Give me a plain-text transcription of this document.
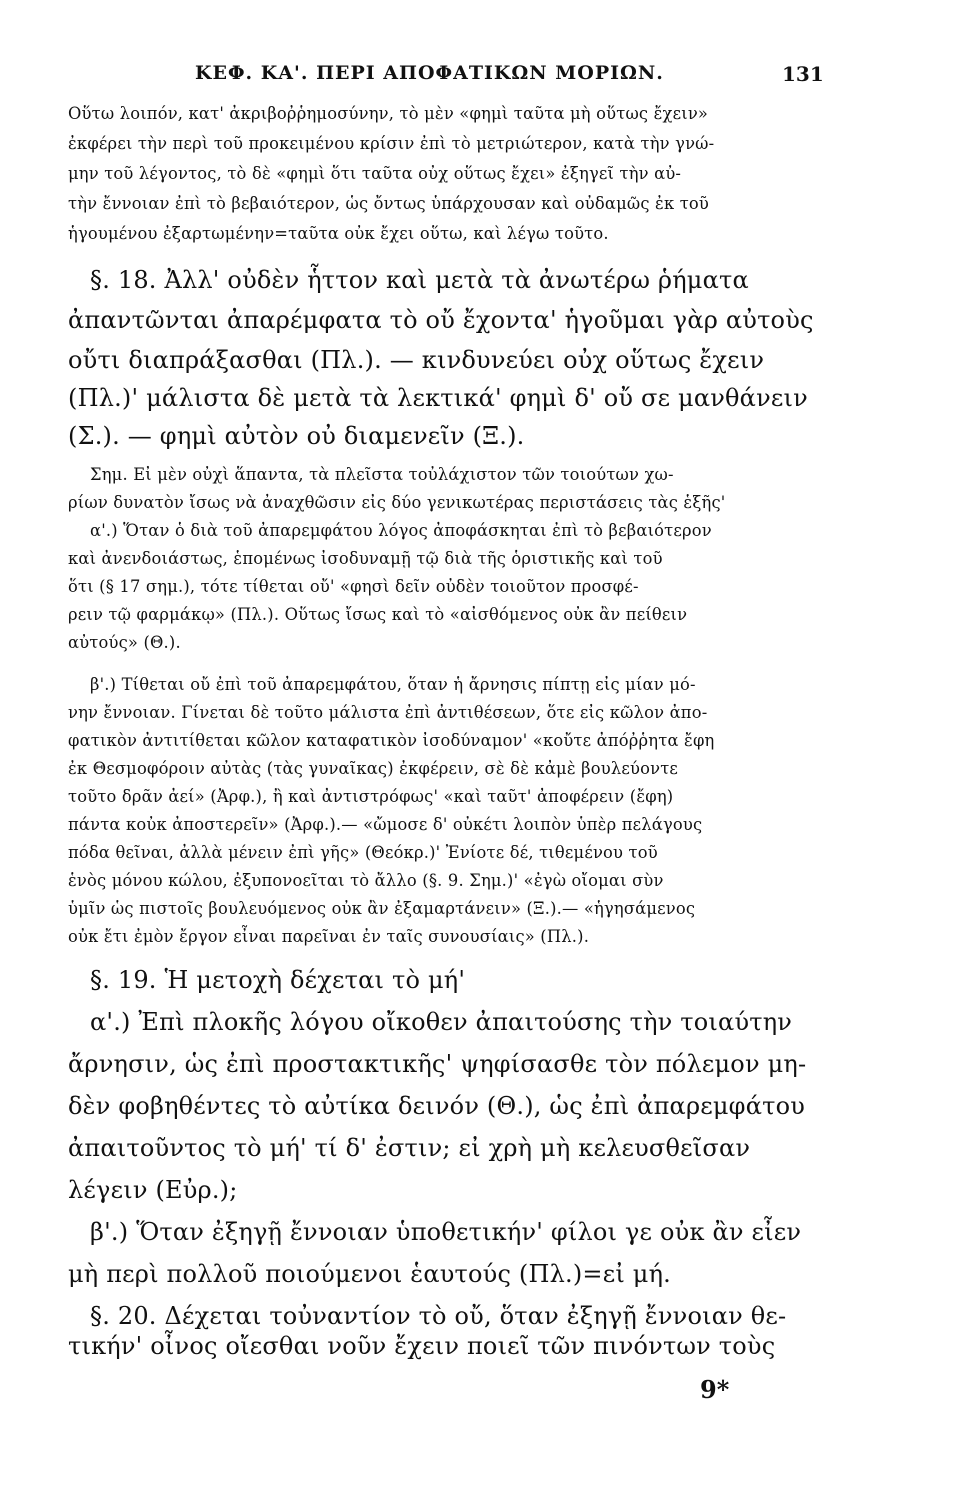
ΚΕΦ. ΚΑ'. ΠΕΡΙ ΑΠΟΦΑΤΙΚΩΝ ΜΟΡΙΩΝ.	131
Οὕτω λοιπόν, κατ' ἀκριβοῤῥημοσύνην, τὸ μὲν «φημὶ ταῦτα μὴ οὕτως ἔχειν»
ἐκφέρει τὴν περὶ τοῦ προκειμένου κρίσιν ἐπὶ τὸ μετριώτερον, κατὰ τὴν γνώ-
μην τοῦ λέγοντος, τὸ δὲ «φημὶ ὅτι ταῦτα οὐχ οὕτως ἔχει» ἐξηγεῖ τὴν αὐ-
τὴν ἔννοιαν ἐπὶ τὸ βεβαιότερον, ὡς ὄντως ὑπάρχουσαν καὶ οὐδαμῶς ἐκ τοῦ
ἡγουμένου ἐξαρτωμένην=ταῦτα οὐκ ἔχει οὕτω, καὶ λέγω τοῦτο.
§. 18. Ἀλλ' οὐδὲν ἧττον καὶ μετὰ τὰ ἀνωτέρω ῥήματα
ἀπαντῶνται ἀπαρέμφατα τὸ οὔ ἔχοντα' ἡγοῦμαι γὰρ αὐτοὺς
οὔτι διαπράξασθαι (Πλ.). — κινδυνεύει οὐχ οὕτως ἔχειν
(Πλ.)' μάλιστα δὲ μετὰ τὰ λεκτικά' φημὶ δ' οὔ σε μανθάνειν
(Σ.). — φημὶ αὐτὸν οὐ διαμενεῖν (Ξ.).
Σημ. Εἰ μὲν οὐχὶ ἅπαντα, τὰ πλεῖστα τοὐλάχιστον τῶν τοιούτων χω-
ρίων δυνατὸν ἴσως νὰ ἀναχθῶσιν εἰς δύο γενικωτέρας περιστάσεις τὰς ἑξῆς'
α'.) Ὅταν ὁ διὰ τοῦ ἀπαρεμφάτου λόγος ἀποφάσκηται ἐπὶ τὸ βεβαιότερον
καὶ ἀνενδοιάστως, ἑπομένως ἰσοδυναμῇ τῷ διὰ τῆς ὁριστικῆς καὶ τοῦ
ὅτι (§ 17 σημ.), τότε τίθεται οὔ' «φησὶ δεῖν οὐδὲν τοιοῦτον προσφέ-
ρειν τῷ φαρμάκῳ» (Πλ.). Οὕτως ἴσως καὶ τὸ «αἰσθόμενος οὐκ ἂν πείθειν
αὐτούς» (Θ.).
β'.) Τίθεται οὔ ἐπὶ τοῦ ἀπαρεμφάτου, ὅταν ἡ ἄρνησις πίπτῃ εἰς μίαν μό-
νην ἔννοιαν. Γίνεται δὲ τοῦτο μάλιστα ἐπὶ ἀντιθέσεων, ὅτε εἰς κῶλον ἀπο-
φατικὸν ἀντιτίθεται κῶλον καταφατικὸν ἰσοδύναμον' «κοὔτε ἀπόῤῥητα ἔφη
ἐκ Θεσμοφόροιν αὐτὰς (τὰς γυναῖκας) ἐκφέρειν, σὲ δὲ κἀμὲ βουλεύοντε
τοῦτο δρᾶν ἀεί» (Ἀρφ.), ἢ καὶ ἀντιστρόφως' «καὶ ταῦτ' ἀποφέρειν (ἔφη)
πάντα κοὐκ ἀποστερεῖν» (Ἀρφ.).— «ὤμοσε δ' οὐκέτι λοιπὸν ὑπὲρ πελάγους
πόδα θεῖναι, ἀλλὰ μένειν ἐπὶ γῆς» (Θεόκρ.)' Ἐνίοτε δέ, τιθεμένου τοῦ
ἑνὸς μόνου κώλου, ἐξυπονοεῖται τὸ ἄλλο (§. 9. Σημ.)' «ἐγὼ οἴομαι σὺν
ὑμῖν ὡς πιστοῖς βουλευόμενος οὐκ ἂν ἐξαμαρτάνειν» (Ξ.).— «ἡγησάμενος
οὐκ ἔτι ἐμὸν ἔργον εἶναι παρεῖναι ἐν ταῖς συνουσίαις» (Πλ.).
§. 19. Ἡ μετοχὴ δέχεται τὸ μή'
α'.) Ἐπὶ πλοκῆς λόγου οἴκοθεν ἀπαιτούσης τὴν τοιαύτην
ἄρνησιν, ὡς ἐπὶ προστακτικῆς' ψηφίσασθε τὸν πόλεμον μη-
δὲν φοβηθέντες τὸ αὐτίκα δεινόν (Θ.), ὡς ἐπὶ ἀπαρεμφάτου
ἀπαιτοῦντος τὸ μή' τί δ' ἐστιν; εἰ χρὴ μὴ κελευσθεῖσαν
λέγειν (Εὐρ.);
β'.) Ὅταν ἐξηγῇ ἔννοιαν ὑποθετικήν' φίλοι γε οὐκ ἂν εἶεν
μὴ περὶ πολλοῦ ποιούμενοι ἑαυτούς (Πλ.)=εἰ μή.
§. 20. Δέχεται τοὐναντίον τὸ οὔ, ὅταν ἐξηγῇ ἔννοιαν θε-
τικήν' οἶνος οἴεσθαι νοῦν ἔχειν ποιεῖ τῶν πινόντων τοὺς
9*
